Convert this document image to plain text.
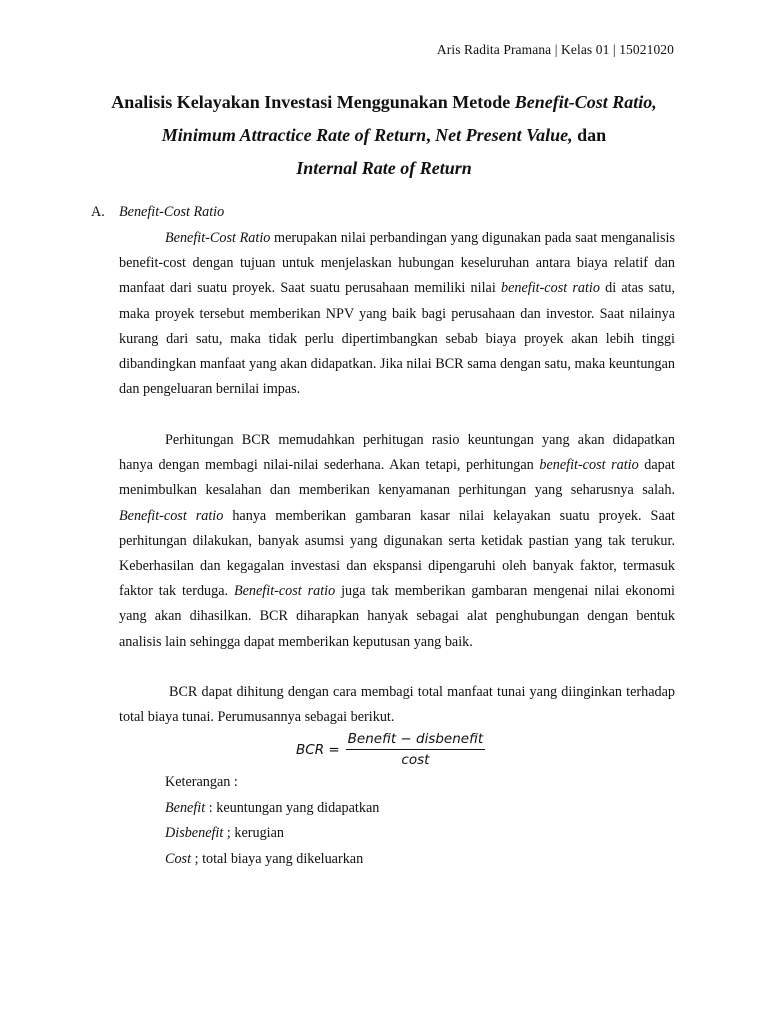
Aris Radita Pramana | Kelas 01 | 15021020
Analisis Kelayakan Investasi Menggunakan Metode Benefit-Cost Ratio,
Minimum Attractice Rate of Return, Net Present Value, dan
Internal Rate of Return
A. Benefit-Cost Ratio
Benefit-Cost Ratio merupakan nilai perbandingan yang digunakan pada saat menganalisis benefit-cost dengan tujuan untuk menjelaskan hubungan keseluruhan antara biaya relatif dan manfaat dari suatu proyek. Saat suatu perusahaan memiliki nilai benefit-cost ratio di atas satu, maka proyek tersebut memberikan NPV yang baik bagi perusahaan dan investor. Saat nilainya kurang dari satu, maka tidak perlu dipertimbangkan sebab biaya proyek akan lebih tinggi dibandingkan manfaat yang akan didapatkan. Jika nilai BCR sama dengan satu, maka keuntungan dan pengeluaran bernilai impas.
Perhitungan BCR memudahkan perhitugan rasio keuntungan yang akan didapatkan hanya dengan membagi nilai-nilai sederhana. Akan tetapi, perhitungan benefit-cost ratio dapat menimbulkan kesalahan dan memberikan kenyamanan perhitungan yang seharusnya salah. Benefit-cost ratio hanya memberikan gambaran kasar nilai kelayakan suatu proyek. Saat perhitungan dilakukan, banyak asumsi yang digunakan serta ketidak pastian yang tak terukur. Keberhasilan dan kegagalan investasi dan ekspansi dipengaruhi oleh banyak faktor, termasuk faktor tak terduga. Benefit-cost ratio juga tak memberikan gambaran mengenai nilai ekonomi yang akan dihasilkan. BCR diharapkan hanyak sebagai alat penghubungan dengan bentuk analisis lain sehingga dapat memberikan keputusan yang baik.
BCR dapat dihitung dengan cara membagi total manfaat tunai yang diinginkan terhadap total biaya tunai. Perumusannya sebagai berikut.
BCR = $\frac{\text{Benefit − disbenefit}}{\cos t}$
Keterangan :
Benefit : keuntungan yang didapatkan
Disbenefit ; kerugian
Cost ; total biaya yang dikeluarkan
